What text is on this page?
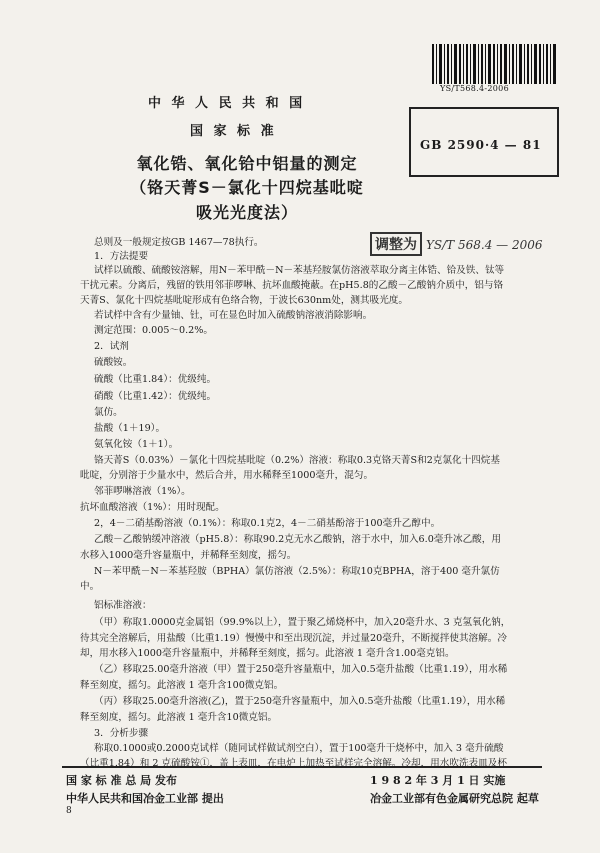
YS/T568.4-2006
中 华 人 民 共 和 国
国 家 标 准
GB 2590·4 — 81
氧化锆、氧化铪中铝量的测定
（铬天菁S－氯化十四烷基吡啶
吸光光度法）
调整为 YS/T 568.4 — 2006
总则及一般规定按GB 1467—78执行。
1．方法提要
试样以硫酸、硫酸铵溶解，用N－苯甲酰－N－苯基羟胺氯仿溶液萃取分离主体锆、铪及铁、钛等
干扰元素。分离后，残留的铁用邻菲啰啉、抗坏血酸掩蔽。在pH5.8的乙酸－乙酸钠介质中，铝与铬
天菁S、氯化十四烷基吡啶形成有色络合物，于波长630nm处，测其吸光度。
若试样中含有少量铀、钍，可在显色时加入硫酸钠溶液消除影响。
测定范围：0.005～0.2%。
2．试剂
硫酸铵。
硫酸（比重1.84）：优级纯。
硝酸（比重1.42）：优级纯。
氯仿。
盐酸（1＋19）。
氨氧化铵（1＋1）。
铬天菁S（0.03%）－氯化十四烷基吡啶（0.2%）溶液：称取0.3克铬天菁S和2克氯化十四烷基
吡啶，分别溶于少量水中，然后合并，用水稀释至1000毫升，混匀。
邻菲啰啉溶液（1%）。
抗坏血酸溶液（1%）：用时现配。
2，4－二硝基酚溶液（0.1%）：称取0.1克2，4－二硝基酚溶于100毫升乙醇中。
乙酸－乙酸钠缓冲溶液（pH5.8）：称取90.2克无水乙酸钠，溶于水中，加入6.0毫升冰乙酸，用
水移入1000毫升容量瓶中，并稀释至刻度，摇匀。
N－苯甲酰－N－苯基羟胺（BPHA）氯仿溶液（2.5%）：称取10克BPHA，溶于400 毫升氯仿
中。
铝标准溶液：
（甲）称取1.0000克金属铝（99.9%以上），置于聚乙烯烧杯中，加入20毫升水、3 克氢氧化钠，
待其完全溶解后，用盐酸（比重1.19）慢慢中和至出现沉淀，并过量20毫升，不断搅拌使其溶解。冷
却，用水移入1000毫升容量瓶中，并稀释至刻度，摇匀。此溶液 1 毫升含1.00毫克铝。
（乙）移取25.00毫升溶液（甲）置于250毫升容量瓶中，加入0.5毫升盐酸（比重1.19），用水稀
释至刻度，摇匀。此溶液 1 毫升含100微克铝。
（丙）移取25.00毫升溶液(乙)，置于250毫升容量瓶中，加入0.5毫升盐酸（比重1.19），用水稀
释至刻度，摇匀。此溶液 1 毫升含10微克铝。
3．分析步骤
称取0.1000或0.2000克试样（随同试样做试剂空白），置于100毫升干烧杯中，加入 3 毫升硫酸
（比重1.84）和 2 克硫酸铵①，盖上表皿，在电炉上加热至试样完全溶解。冷却，用水吹洗表皿及杯
国 家 标 准 总 局 发布	1 9 8 2 年 3 月 1 日 实施
中华人民共和国冶金工业部 提出	冶金工业部有色金属研究总院 起草
8
